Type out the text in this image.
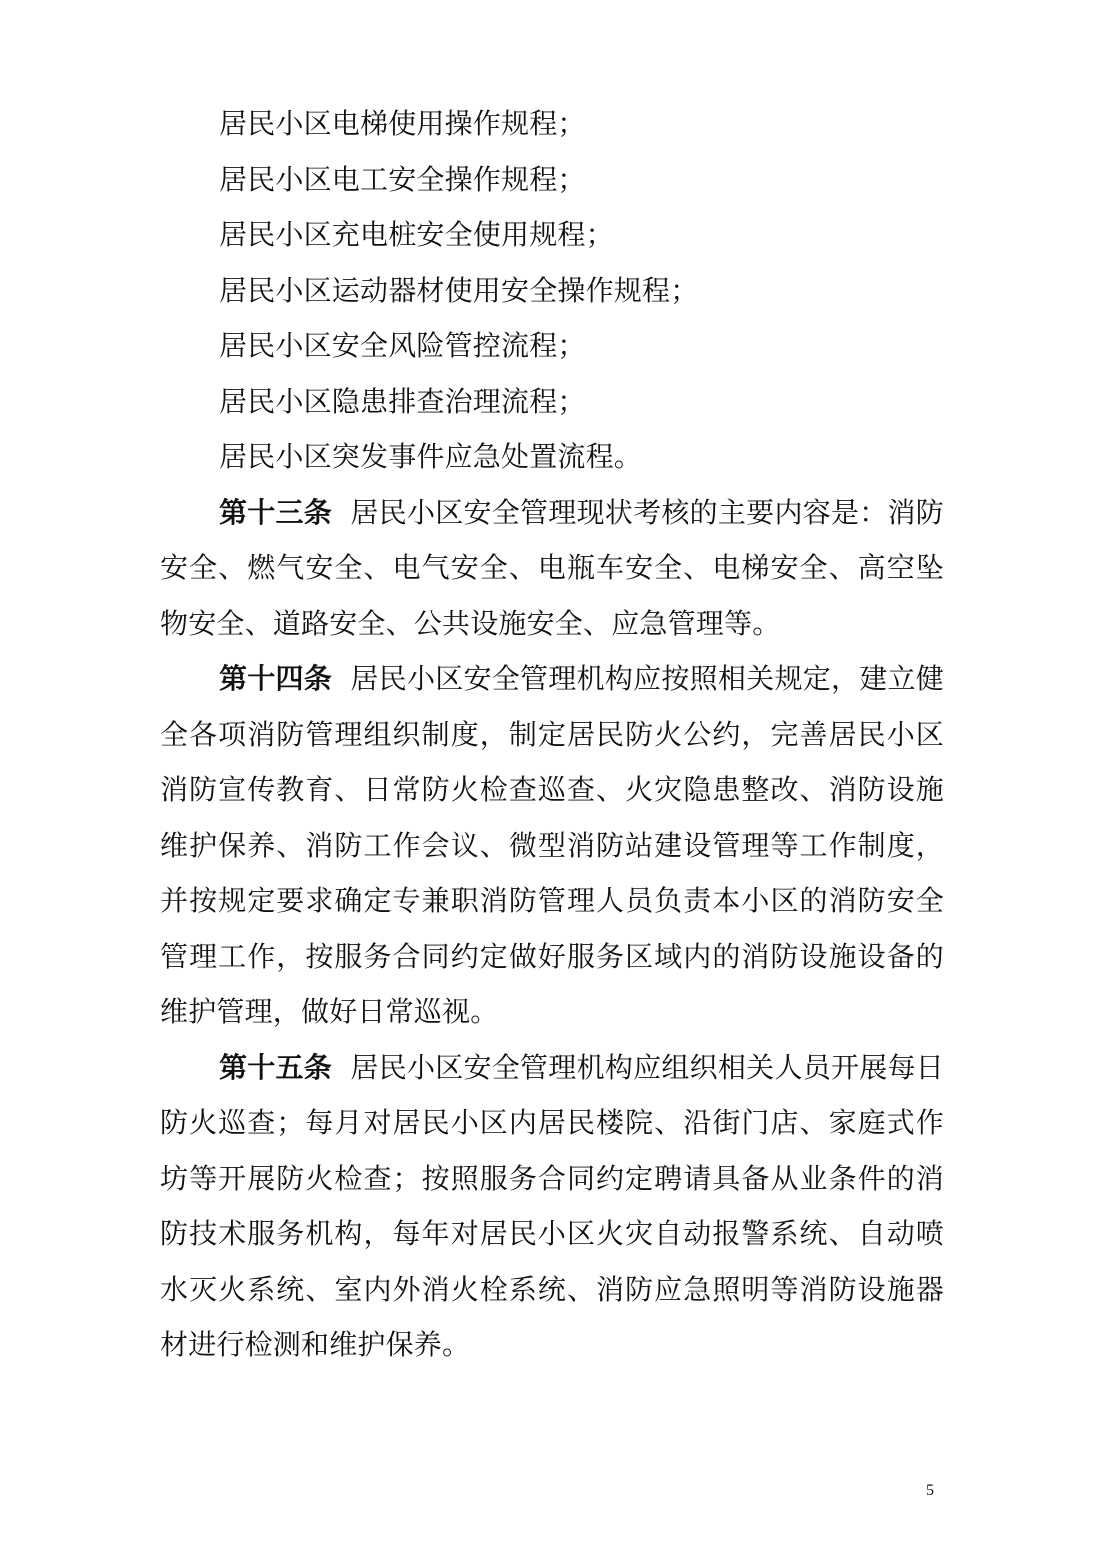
居民小区电梯使用操作规程；
居民小区电工安全操作规程；
居民小区充电桩安全使用规程；
居民小区运动器材使用安全操作规程；
居民小区安全风险管控流程；
居民小区隐患排查治理流程；
居民小区突发事件应急处置流程。

第十三条 居民小区安全管理现状考核的主要内容是：消防安全、燃气安全、电气安全、电瓶车安全、电梯安全、高空坠物安全、道路安全、公共设施安全、应急管理等。

第十四条 居民小区安全管理机构应按照相关规定，建立健全各项消防管理组织制度，制定居民防火公约，完善居民小区消防宣传教育、日常防火检查巡查、火灾隐患整改、消防设施维护保养、消防工作会议、微型消防站建设管理等工作制度，并按规定要求确定专兼职消防管理人员负责本小区的消防安全管理工作，按服务合同约定做好服务区域内的消防设施设备的维护管理，做好日常巡视。

第十五条 居民小区安全管理机构应组织相关人员开展每日防火巡查；每月对居民小区内居民楼院、沿街门店、家庭式作坊等开展防火检查；按照服务合同约定聘请具备从业条件的消防技术服务机构，每年对居民小区火灾自动报警系统、自动喷水灭火系统、室内外消火栓系统、消防应急照明等消防设施器材进行检测和维护保养。

5
